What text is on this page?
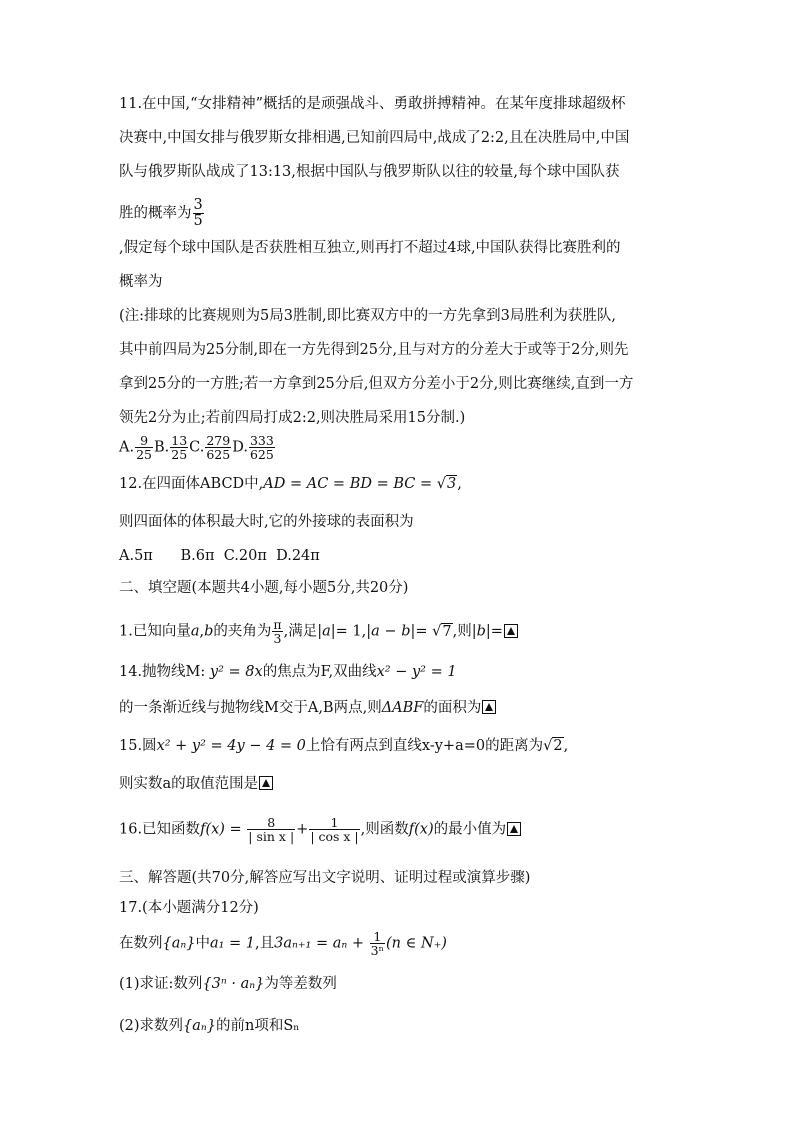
11.在中国,“女排精神”概括的是顽强战斗、勇敢拼搏精神。在某年度排球超级杯

决赛中,中国女排与俄罗斯女排相遇,已知前四局中,战成了2:2,且在决胜局中,中国

队与俄罗斯队战成了13:13,根据中国队与俄罗斯队以往的较量,每个球中国队获

胜的概率为 $\frac{3}{5}$

,假定每个球中国队是否获胜相互独立,则再打不超过4球,中国队获得比赛胜利的

概率为

(注:排球的比赛规则为5局3胜制,即比赛双方中的一方先拿到3局胜利为获胜队,

其中前四局为25分制,即在一方先得到25分,且与对方的分差大于或等于2分,则先

拿到25分的一方胜;若一方拿到25分后,但双方分差小于2分,则比赛继续,直到一方

领先2分为止;若前四局打成2:2,则决胜局采用15分制.)

A. $\frac{9}{25} B$. $\frac{13}{25} C$. $\frac{279}{625} D$. $\frac{333}{625}$

12.在四面体ABCD中,AD = AC = BD = BC = √3,

则四面体的体积最大时,它的外接球的表面积为

A.5π      B.6π  C.20π  D.24π

二、填空题(本题共4小题,每小题5分,共20分)

1.已知向量a,b的夹角为 $\frac{\pi}{3}$ ,满足|a|= 1,|a − b|= √7,则|b|=

14.抛物线M: y² = 8x的焦点为F,双曲线x² − y² = 1

的一条渐近线与抛物线M交于A,B两点,则ΔABF的面积为

15.圆x² + y² = 4y − 4 = 0上恰有两点到直线x-y+a=0的距离为√2,

则实数a的取值范围是

16.已知函数$f(x) = \frac{8}{\text{| sin x |}} + \frac{1}{\text{| cos x |}}$ ,则函数f(x)的最小值为

三、解答题(共70分,解答应写出文字说明、证明过程或演算步骤)

17.(本小题满分12分)

在数列{aₙ}中a₁ = 1,且$3a_{n+1} = a_n + \frac{1}{\text{3ⁿ}} (n$ ∈ N₊)

(1)求证:数列{3ⁿ · aₙ}为等差数列

(2)求数列{aₙ}的前n项和Sₙ
